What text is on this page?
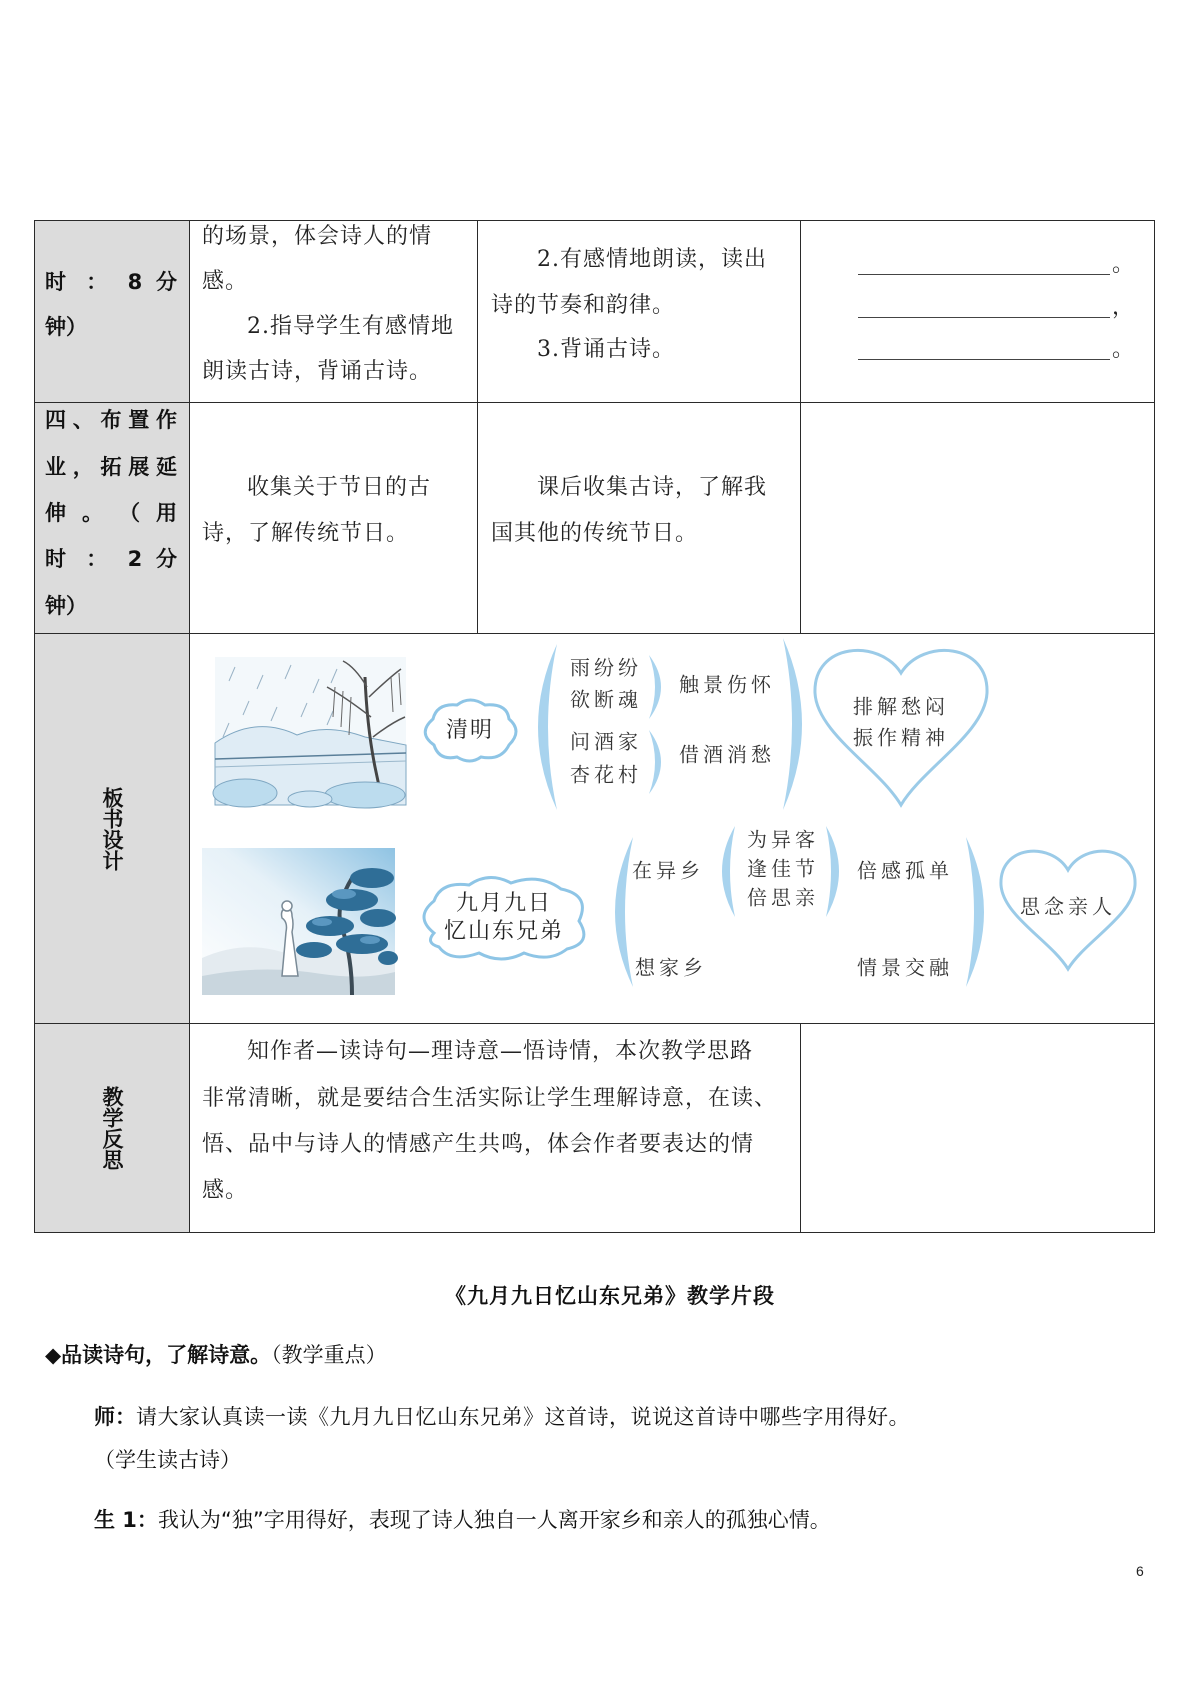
时 ： 8 分
钟）
的场景，体会诗人的情
感。
2.指导学生有感情地
朗读古诗，背诵古诗。
2.有感情地朗读，读出
诗的节奏和韵律。
3.背诵古诗。
。
，
。
四、布置作
业，拓展延
伸 。 （ 用
时 ： 2 分
钟）
收集关于节日的古
诗，了解传统节日。
课后收集古诗，了解我
国其他的传统节日。
板书设计
清明
雨纷纷
欲断魂
触景伤怀
问酒家
杏花村
借酒消愁
排解愁闷
振作精神
九月九日
忆山东兄弟
在异乡
为异客
逢佳节
倍思亲
倍感孤单
想家乡	情景交融
思念亲人
教学反思
知作者—读诗句—理诗意—悟诗情，本次教学思路
非常清晰，就是要结合生活实际让学生理解诗意，在读、
悟、品中与诗人的情感产生共鸣，体会作者要表达的情
感。
《九月九日忆山东兄弟》教学片段
◆品读诗句，了解诗意。（教学重点）
师：请大家认真读一读《九月九日忆山东兄弟》这首诗，说说这首诗中哪些字用得好。
（学生读古诗）
生 1：我认为“独”字用得好，表现了诗人独自一人离开家乡和亲人的孤独心情。
6
